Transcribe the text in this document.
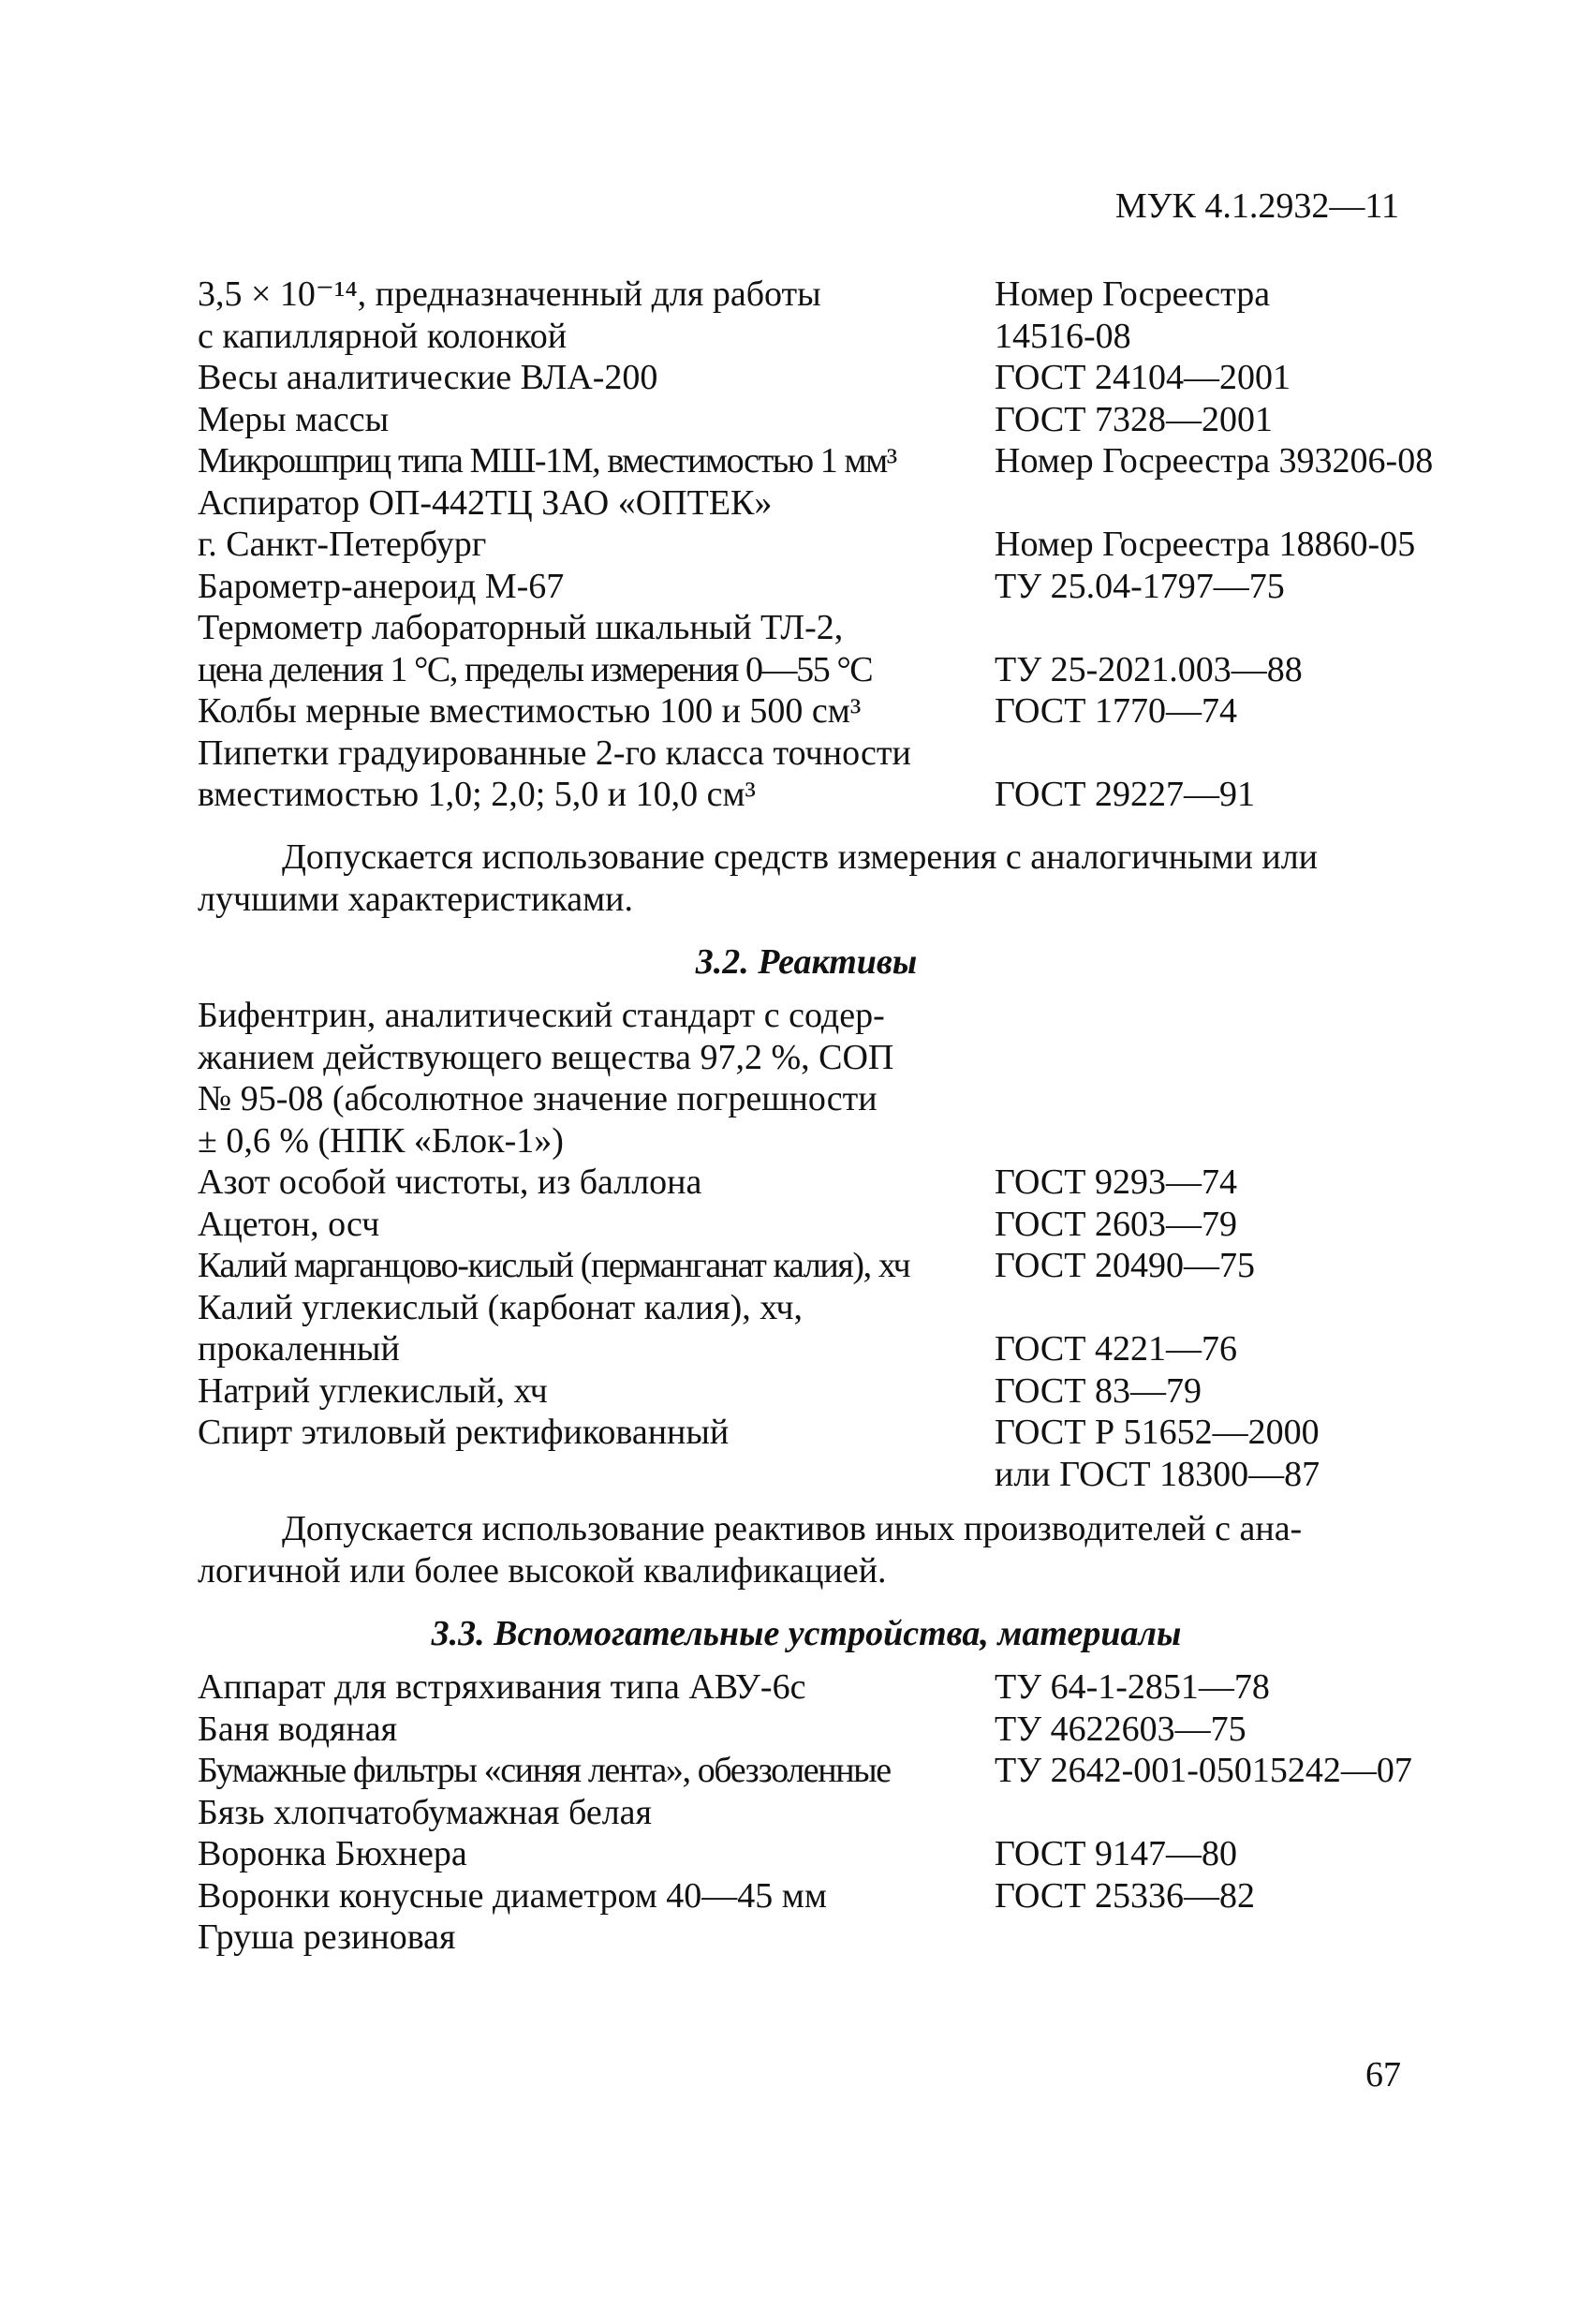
МУК 4.1.2932—11
3,5 × 10⁻¹⁴, предназначенный для работы	Номер Госреестра
с капиллярной колонкой	14516-08
Весы аналитические ВЛА-200	ГОСТ 24104—2001
Меры массы	ГОСТ 7328—2001
Микрошприц типа МШ-1М, вместимостью 1 мм³	Номер Госреестра 393206-08
Аспиратор ОП-442ТЦ ЗАО «ОПТЕК»
г. Санкт-Петербург	Номер Госреестра 18860-05
Барометр-анероид М-67	ТУ 25.04-1797—75
Термометр лабораторный шкальный ТЛ-2,
цена деления 1 °С, пределы измерения 0—55 °С	ТУ 25-2021.003—88
Колбы мерные вместимостью 100 и 500 см³	ГОСТ 1770—74
Пипетки градуированные 2-го класса точности
вместимостью 1,0; 2,0; 5,0 и 10,0 см³	ГОСТ 29227—91
Допускается использование средств измерения с аналогичными или
лучшими характеристиками.
3.2. Реактивы
Бифентрин, аналитический стандарт с содер-
жанием действующего вещества 97,2 %, СОП
№ 95-08 (абсолютное значение погрешности
± 0,6 % (НПК «Блок-1»)
Азот особой чистоты, из баллона	ГОСТ 9293—74
Ацетон, осч	ГОСТ 2603—79
Калий марганцово-кислый (перманганат калия), хч	ГОСТ 20490—75
Калий углекислый (карбонат калия), хч,
прокаленный	ГОСТ 4221—76
Натрий углекислый, хч	ГОСТ 83—79
Спирт этиловый ректификованный	ГОСТ Р 51652—2000
или ГОСТ 18300—87
Допускается использование реактивов иных производителей с ана-
логичной или более высокой квалификацией.
3.3. Вспомогательные устройства, материалы
Аппарат для встряхивания типа АВУ-6с	ТУ 64-1-2851—78
Баня водяная	ТУ 4622603—75
Бумажные фильтры «синяя лента», обеззоленные	ТУ 2642-001-05015242—07
Бязь хлопчатобумажная белая
Воронка Бюхнера	ГОСТ 9147—80
Воронки конусные диаметром 40—45 мм	ГОСТ 25336—82
Груша резиновая
67
